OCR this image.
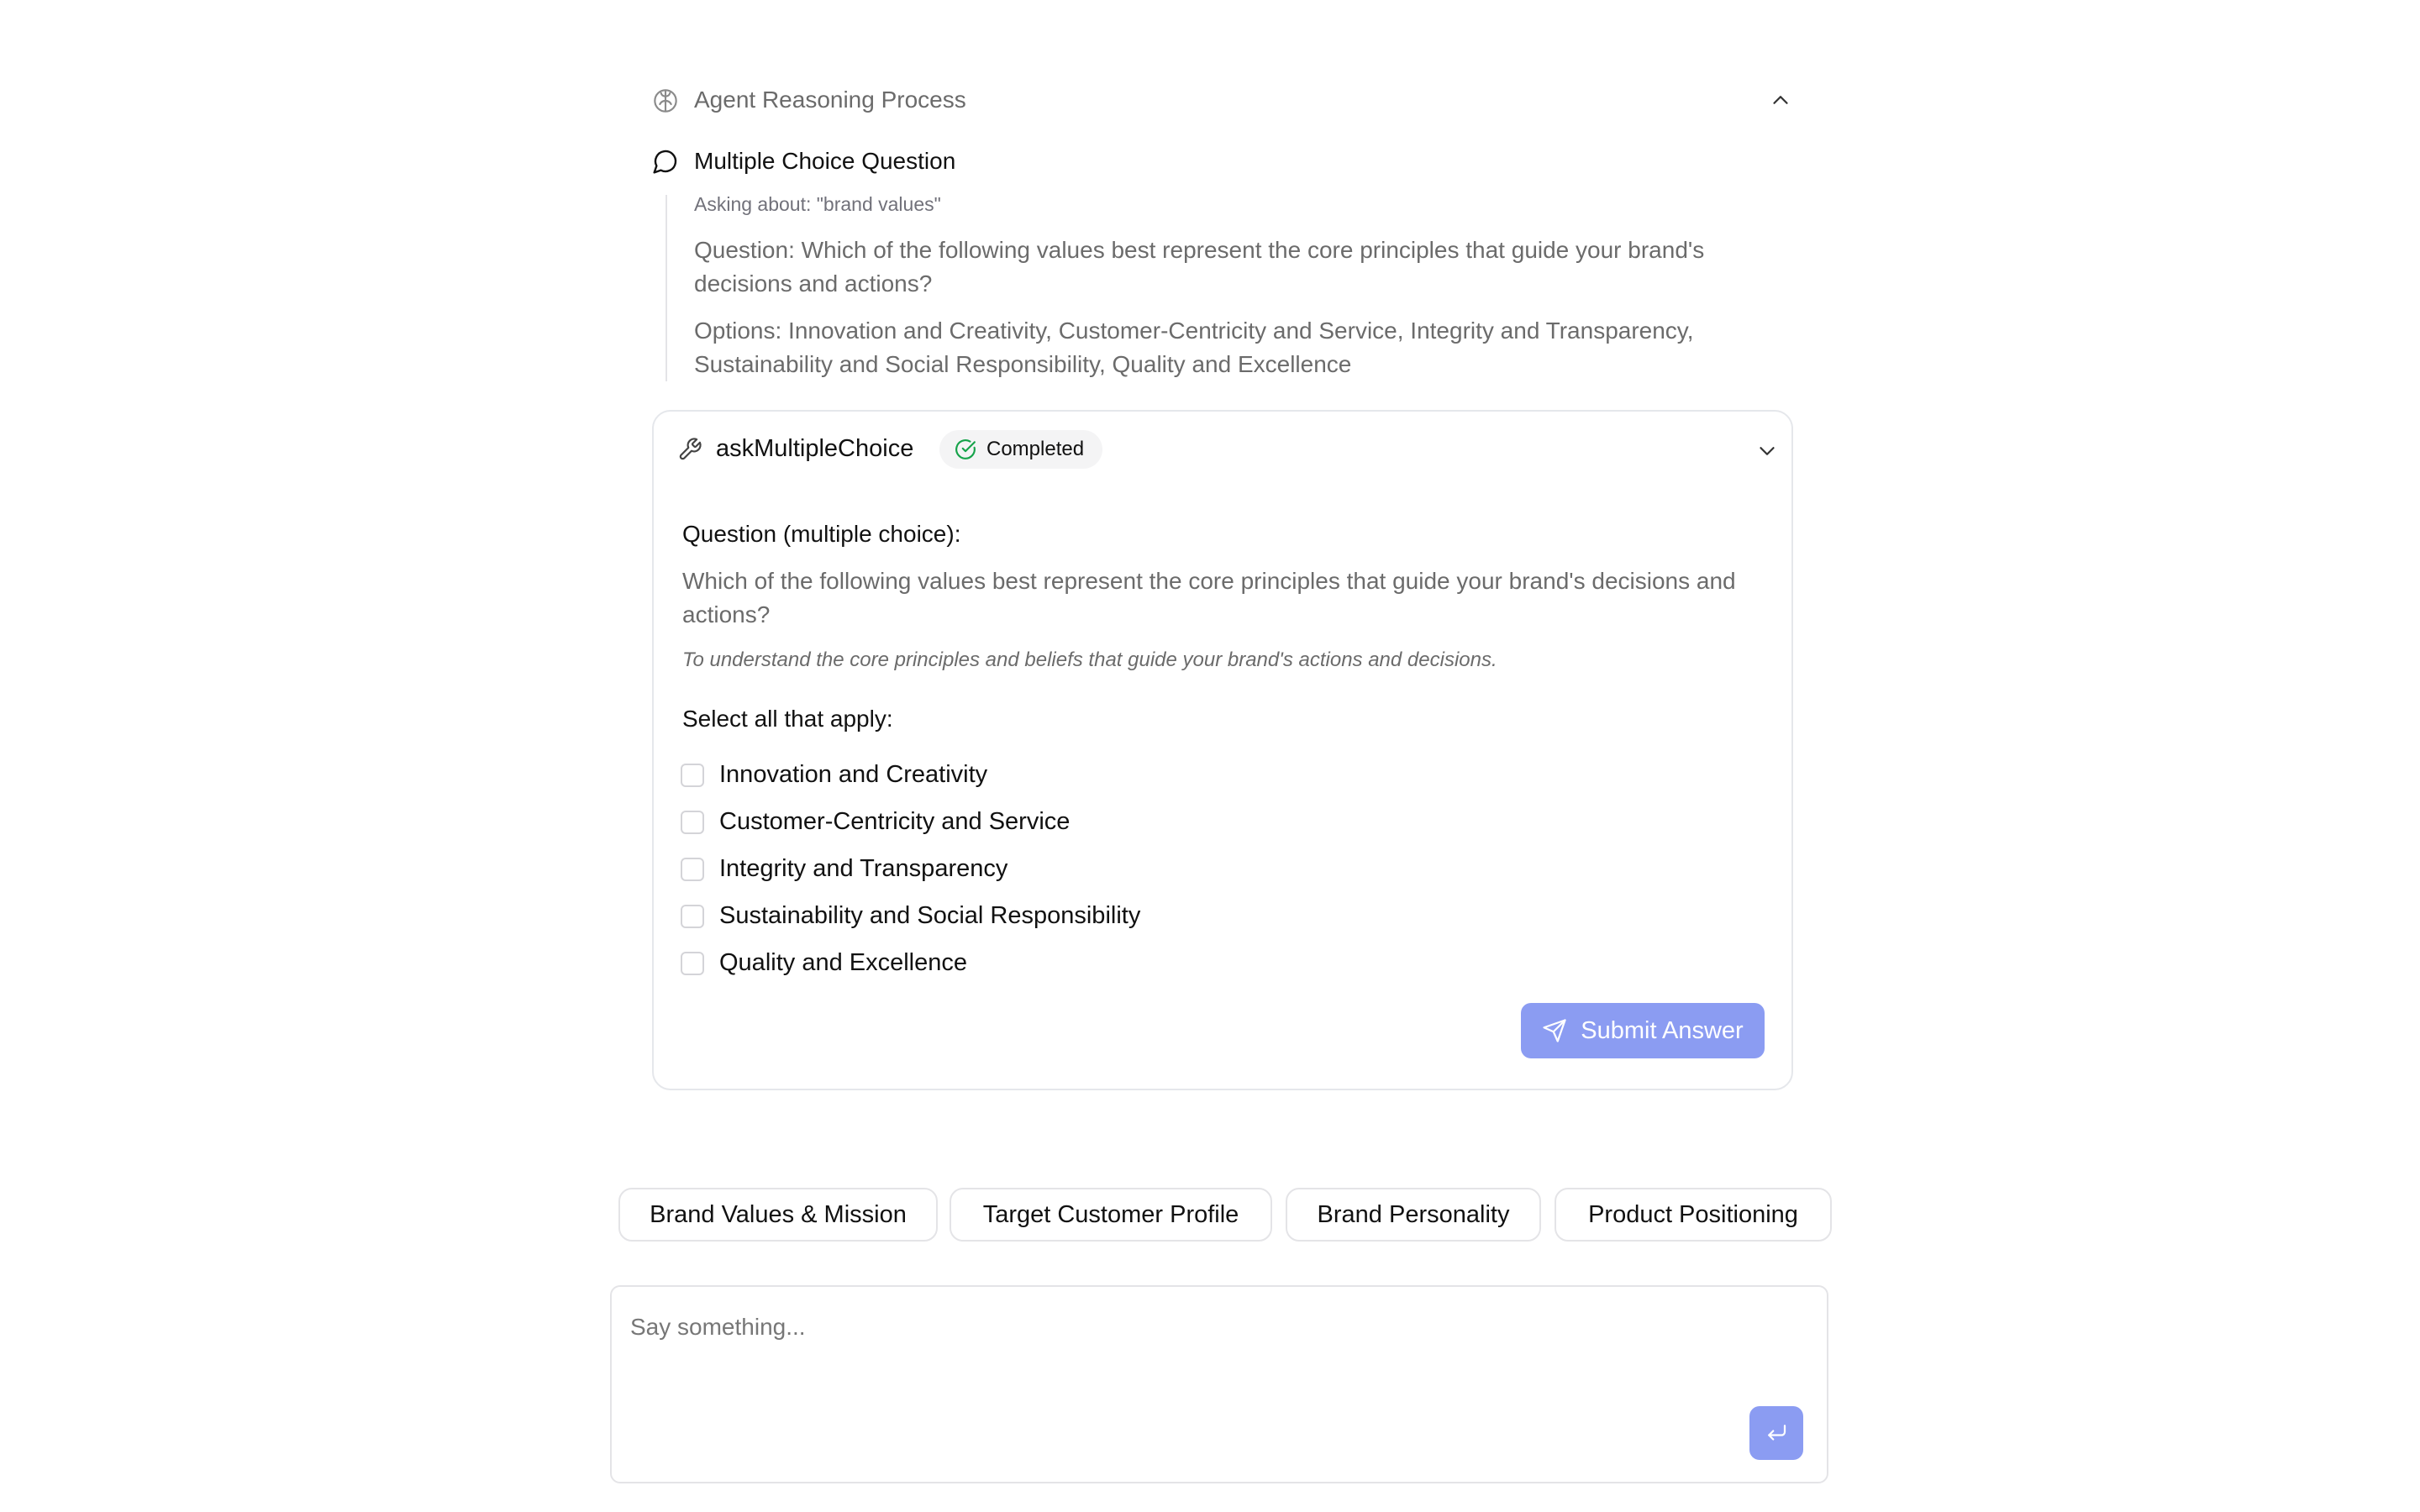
Agent Reasoning Process
Multiple Choice Question
Asking about: "brand values"
Question: Which of the following values best represent the core principles that guide your brand's decisions and actions?
Options: Innovation and Creativity, Customer-Centricity and Service, Integrity and Transparency, Sustainability and Social Responsibility, Quality and Excellence
askMultipleChoice	Completed
Question (multiple choice):
Which of the following values best represent the core principles that guide your brand's decisions and actions?
To understand the core principles and beliefs that guide your brand's actions and decisions.
Select all that apply:
Innovation and Creativity
Customer-Centricity and Service
Integrity and Transparency
Sustainability and Social Responsibility
Quality and Excellence
Submit Answer
Brand Values & Mission	Target Customer Profile	Brand Personality	Product Positioning
Say something...
